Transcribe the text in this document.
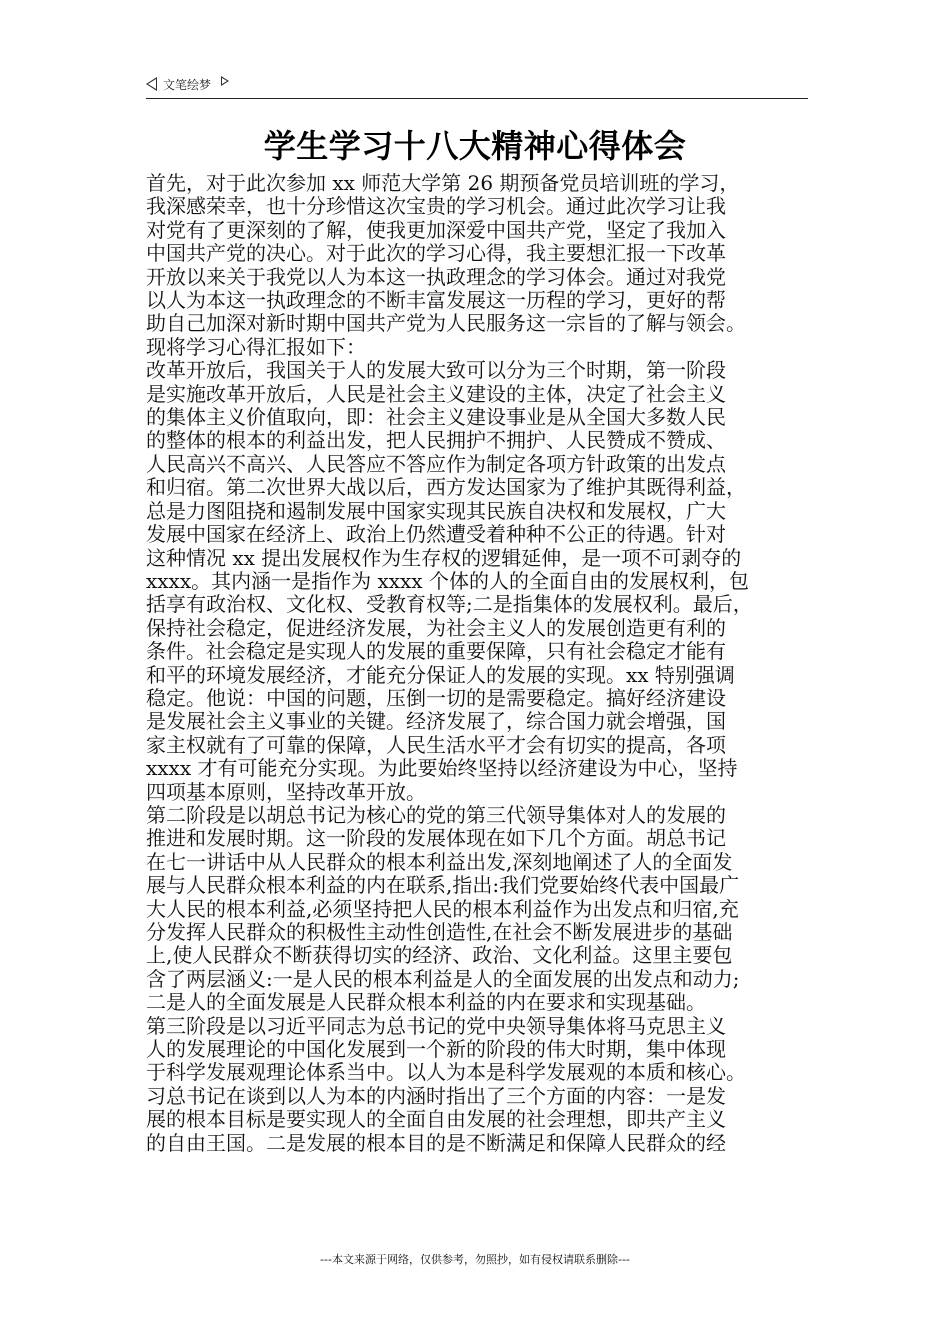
文笔绘梦
学生学习十八大精神心得体会

首先，对于此次参加 xx 师范大学第 26 期预备党员培训班的学习，

我深感荣幸，也十分珍惜这次宝贵的学习机会。通过此次学习让我

对党有了更深刻的了解，使我更加深爱中国共产党，坚定了我加入

中国共产党的决心。对于此次的学习心得，我主要想汇报一下改革

开放以来关于我党以人为本这一执政理念的学习体会。通过对我党

以人为本这一执政理念的不断丰富发展这一历程的学习，更好的帮

助自己加深对新时期中国共产党为人民服务这一宗旨的了解与领会。

现将学习心得汇报如下：

改革开放后，我国关于人的发展大致可以分为三个时期，第一阶段

是实施改革开放后，人民是社会主义建设的主体，决定了社会主义

的集体主义价值取向，即：社会主义建设事业是从全国大多数人民

的整体的根本的利益出发，把人民拥护不拥护、人民赞成不赞成、

人民高兴不高兴、人民答应不答应作为制定各项方针政策的出发点

和归宿。第二次世界大战以后，西方发达国家为了维护其既得利益，

总是力图阻挠和遏制发展中国家实现其民族自决权和发展权，广大

发展中国家在经济上、政治上仍然遭受着种种不公正的待遇。针对

这种情况 xx 提出发展权作为生存权的逻辑延伸，是一项不可剥夺的

xxxx。其内涵一是指作为 xxxx 个体的人的全面自由的发展权利，包

括享有政治权、文化权、受教育权等;二是指集体的发展权利。最后，

保持社会稳定，促进经济发展，为社会主义人的发展创造更有利的

条件。社会稳定是实现人的发展的重要保障，只有社会稳定才能有

和平的环境发展经济，才能充分保证人的发展的实现。xx 特别强调

稳定。他说：中国的问题，压倒一切的是需要稳定。搞好经济建设

是发展社会主义事业的关键。经济发展了，综合国力就会增强，国

家主权就有了可靠的保障，人民生活水平才会有切实的提高，各项

xxxx 才有可能充分实现。为此要始终坚持以经济建设为中心，坚持

四项基本原则，坚持改革开放。

第二阶段是以胡总书记为核心的党的第三代领导集体对人的发展的

推进和发展时期。这一阶段的发展体现在如下几个方面。胡总书记

在七一讲话中从人民群众的根本利益出发,深刻地阐述了人的全面发

展与人民群众根本利益的内在联系,指出:我们党要始终代表中国最广

大人民的根本利益,必须坚持把人民的根本利益作为出发点和归宿,充

分发挥人民群众的积极性主动性创造性,在社会不断发展进步的基础

上,使人民群众不断获得切实的经济、政治、文化利益。这里主要包

含了两层涵义:一是人民的根本利益是人的全面发展的出发点和动力;

二是人的全面发展是人民群众根本利益的内在要求和实现基础。

第三阶段是以习近平同志为总书记的党中央领导集体将马克思主义

人的发展理论的中国化发展到一个新的阶段的伟大时期，集中体现

于科学发展观理论体系当中。以人为本是科学发展观的本质和核心。

习总书记在谈到以人为本的内涵时指出了三个方面的内容：一是发

展的根本目标是要实现人的全面自由发展的社会理想，即共产主义

的自由王国。二是发展的根本目的是不断满足和保障人民群众的经

---本文来源于网络，仅供参考，勿照抄，如有侵权请联系删除---
